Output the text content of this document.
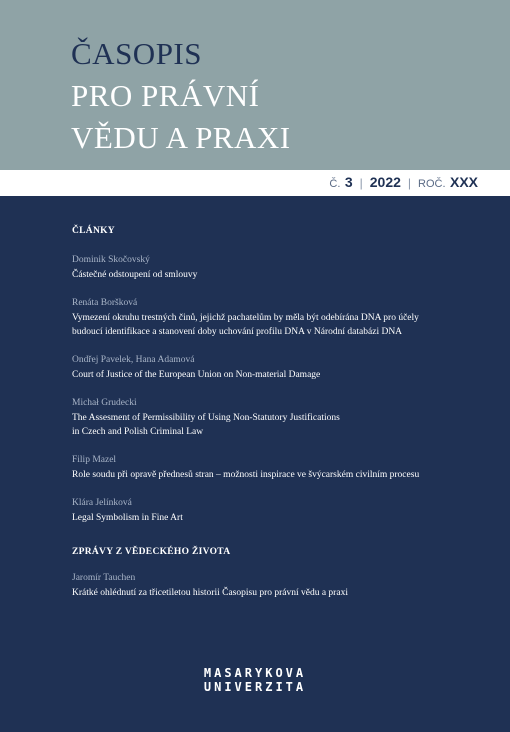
ČASOPIS
PRO PRÁVNÍ
VĚDU A PRAXI
Č. 3 | 2022 | ROČ. XXX
ČLÁNKY
Dominik Skočovský
Částečné odstoupení od smlouvy
Renáta Boršková
Vymezení okruhu trestných činů, jejichž pachatelům by měla být odebírána DNA pro účely
budoucí identifikace a stanovení doby uchování profilu DNA v Národní databázi DNA
Ondřej Pavelek, Hana Adamová
Court of Justice of the European Union on Non-material Damage
Michał Grudecki
The Assesment of Permissibility of Using Non-Statutory Justifications
in Czech and Polish Criminal Law
Filip Mazel
Role soudu při opravě přednesů stran – možnosti inspirace ve švýcarském civilním procesu
Klára Jelínková
Legal Symbolism in Fine Art
ZPRÁVY Z VĚDECKÉHO ŽIVOTA
Jaromír Tauchen
Krátké ohlédnutí za třicetiletou historii Časopisu pro právní vědu a praxi
MASARYKOVA
UNIVERZITA
